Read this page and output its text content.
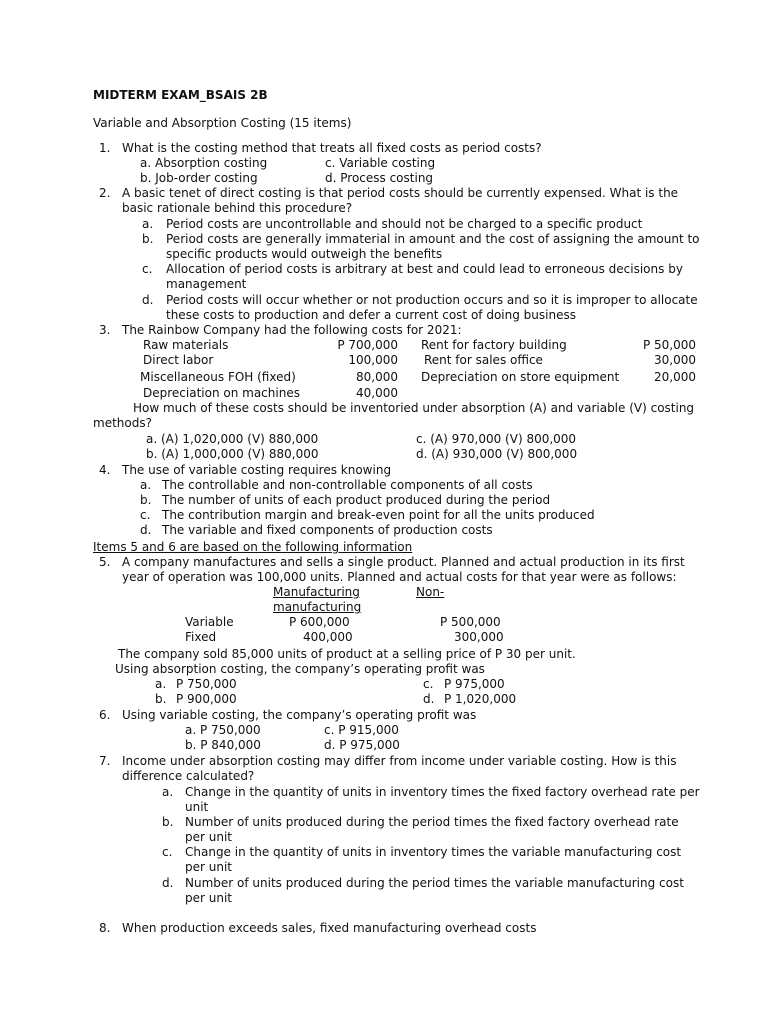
MIDTERM EXAM_BSAIS 2B
Variable and Absorption Costing (15 items)
1. What is the costing method that treats all fixed costs as period costs?
a. Absorption costing	c. Variable costing
b. Job-order costing	d. Process costing
2. A basic tenet of direct costing is that period costs should be currently expensed. What is the
basic rationale behind this procedure?
a. Period costs are uncontrollable and should not be charged to a specific product
b. Period costs are generally immaterial in amount and the cost of assigning the amount to
specific products would outweigh the benefits
c. Allocation of period costs is arbitrary at best and could lead to erroneous decisions by
management
d. Period costs will occur whether or not production occurs and so it is improper to allocate
these costs to production and defer a current cost of doing business
3. The Rainbow Company had the following costs for 2021:
Raw materials	P 700,000 Rent for factory building	P 50,000
Direct labor	100,000 Rent for sales office	30,000
Miscellaneous FOH (fixed)	80,000 Depreciation on store equipment	20,000
Depreciation on machines	40,000
How much of these costs should be inventoried under absorption (A) and variable (V) costing
methods?
a. (A) 1,020,000 (V) 880,000	c. (A) 970,000 (V) 800,000
b. (A) 1,000,000 (V) 880,000	d. (A) 930,000 (V) 800,000
4. The use of variable costing requires knowing
a. The controllable and non-controllable components of all costs
b. The number of units of each product produced during the period
c. The contribution margin and break-even point for all the units produced
d. The variable and fixed components of production costs
Items 5 and 6 are based on the following information
5. A company manufactures and sells a single product. Planned and actual production in its first
year of operation was 100,000 units. Planned and actual costs for that year were as follows:
Manufacturing	Non-
manufacturing
Variable	P 600,000	P 500,000
Fixed	400,000	300,000
The company sold 85,000 units of product at a selling price of P 30 per unit.
Using absorption costing, the company’s operating profit was
a. P 750,000	c. P 975,000
b. P 900,000	d. P 1,020,000
6. Using variable costing, the company’s operating profit was
a. P 750,000	c. P 915,000
b. P 840,000	d. P 975,000
7. Income under absorption costing may differ from income under variable costing. How is this
difference calculated?
a. Change in the quantity of units in inventory times the fixed factory overhead rate per
unit
b. Number of units produced during the period times the fixed factory overhead rate
per unit
c. Change in the quantity of units in inventory times the variable manufacturing cost
per unit
d. Number of units produced during the period times the variable manufacturing cost
per unit
8. When production exceeds sales, fixed manufacturing overhead costs
